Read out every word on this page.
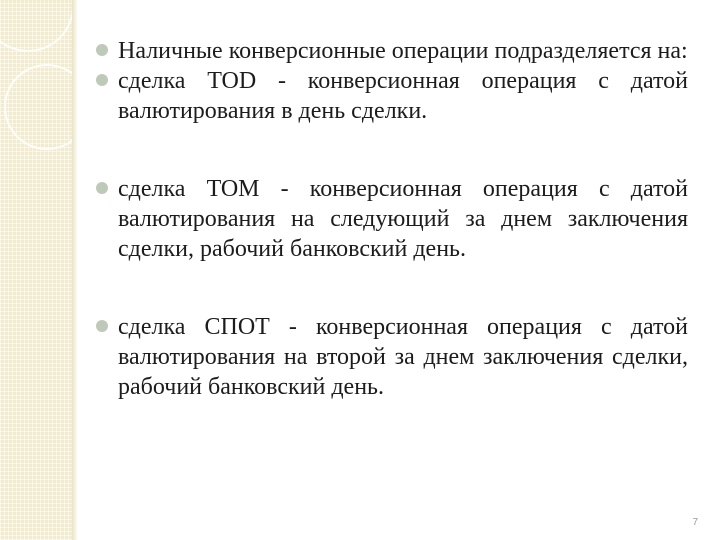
Наличные конверсионные операции подразделяется на:
сделка TOD - конверсионная операция с датой валютирования в день сделки.
сделка TOM - конверсионная операция с датой валютирования на следующий за днем заключения сделки, рабочий банковский день.
сделка СПОТ - конверсионная операция с датой валютирования на второй за днем заключения сделки, рабочий банковский день.
7
